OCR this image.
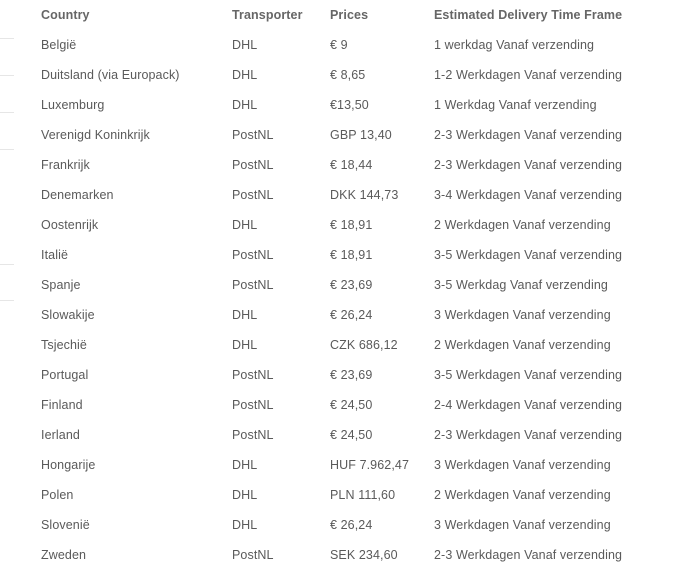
Country	Transporter	Prices	Estimated Delivery Time Frame
België	DHL	€ 9	1 werkdag Vanaf verzending
Duitsland (via Europack)	DHL	€ 8,65	1-2 Werkdagen Vanaf verzending
Luxemburg	DHL	€13,50	1 Werkdag Vanaf verzending
Verenigd Koninkrijk	PostNL	GBP 13,40	2-3 Werkdagen Vanaf verzending
Frankrijk	PostNL	€ 18,44	2-3 Werkdagen Vanaf verzending
Denemarken	PostNL	DKK 144,73	3-4 Werkdagen Vanaf verzending
Oostenrijk	DHL	€ 18,91	2 Werkdagen Vanaf verzending
Italië	PostNL	€ 18,91	3-5 Werkdagen Vanaf verzending
Spanje	PostNL	€ 23,69	3-5 Werkdag Vanaf verzending
Slowakije	DHL	€ 26,24	3 Werkdagen Vanaf verzending
Tsjechië	DHL	CZK 686,12	2 Werkdagen Vanaf verzending
Portugal	PostNL	€ 23,69	3-5 Werkdagen Vanaf verzending
Finland	PostNL	€ 24,50	2-4 Werkdagen Vanaf verzending
Ierland	PostNL	€ 24,50	2-3 Werkdagen Vanaf verzending
Hongarije	DHL	HUF 7.962,47	3 Werkdagen Vanaf verzending
Polen	DHL	PLN 111,60	2 Werkdagen Vanaf verzending
Slovenië	DHL	€ 26,24	3 Werkdagen Vanaf verzending
Zweden	PostNL	SEK 234,60	2-3 Werkdagen Vanaf verzending
